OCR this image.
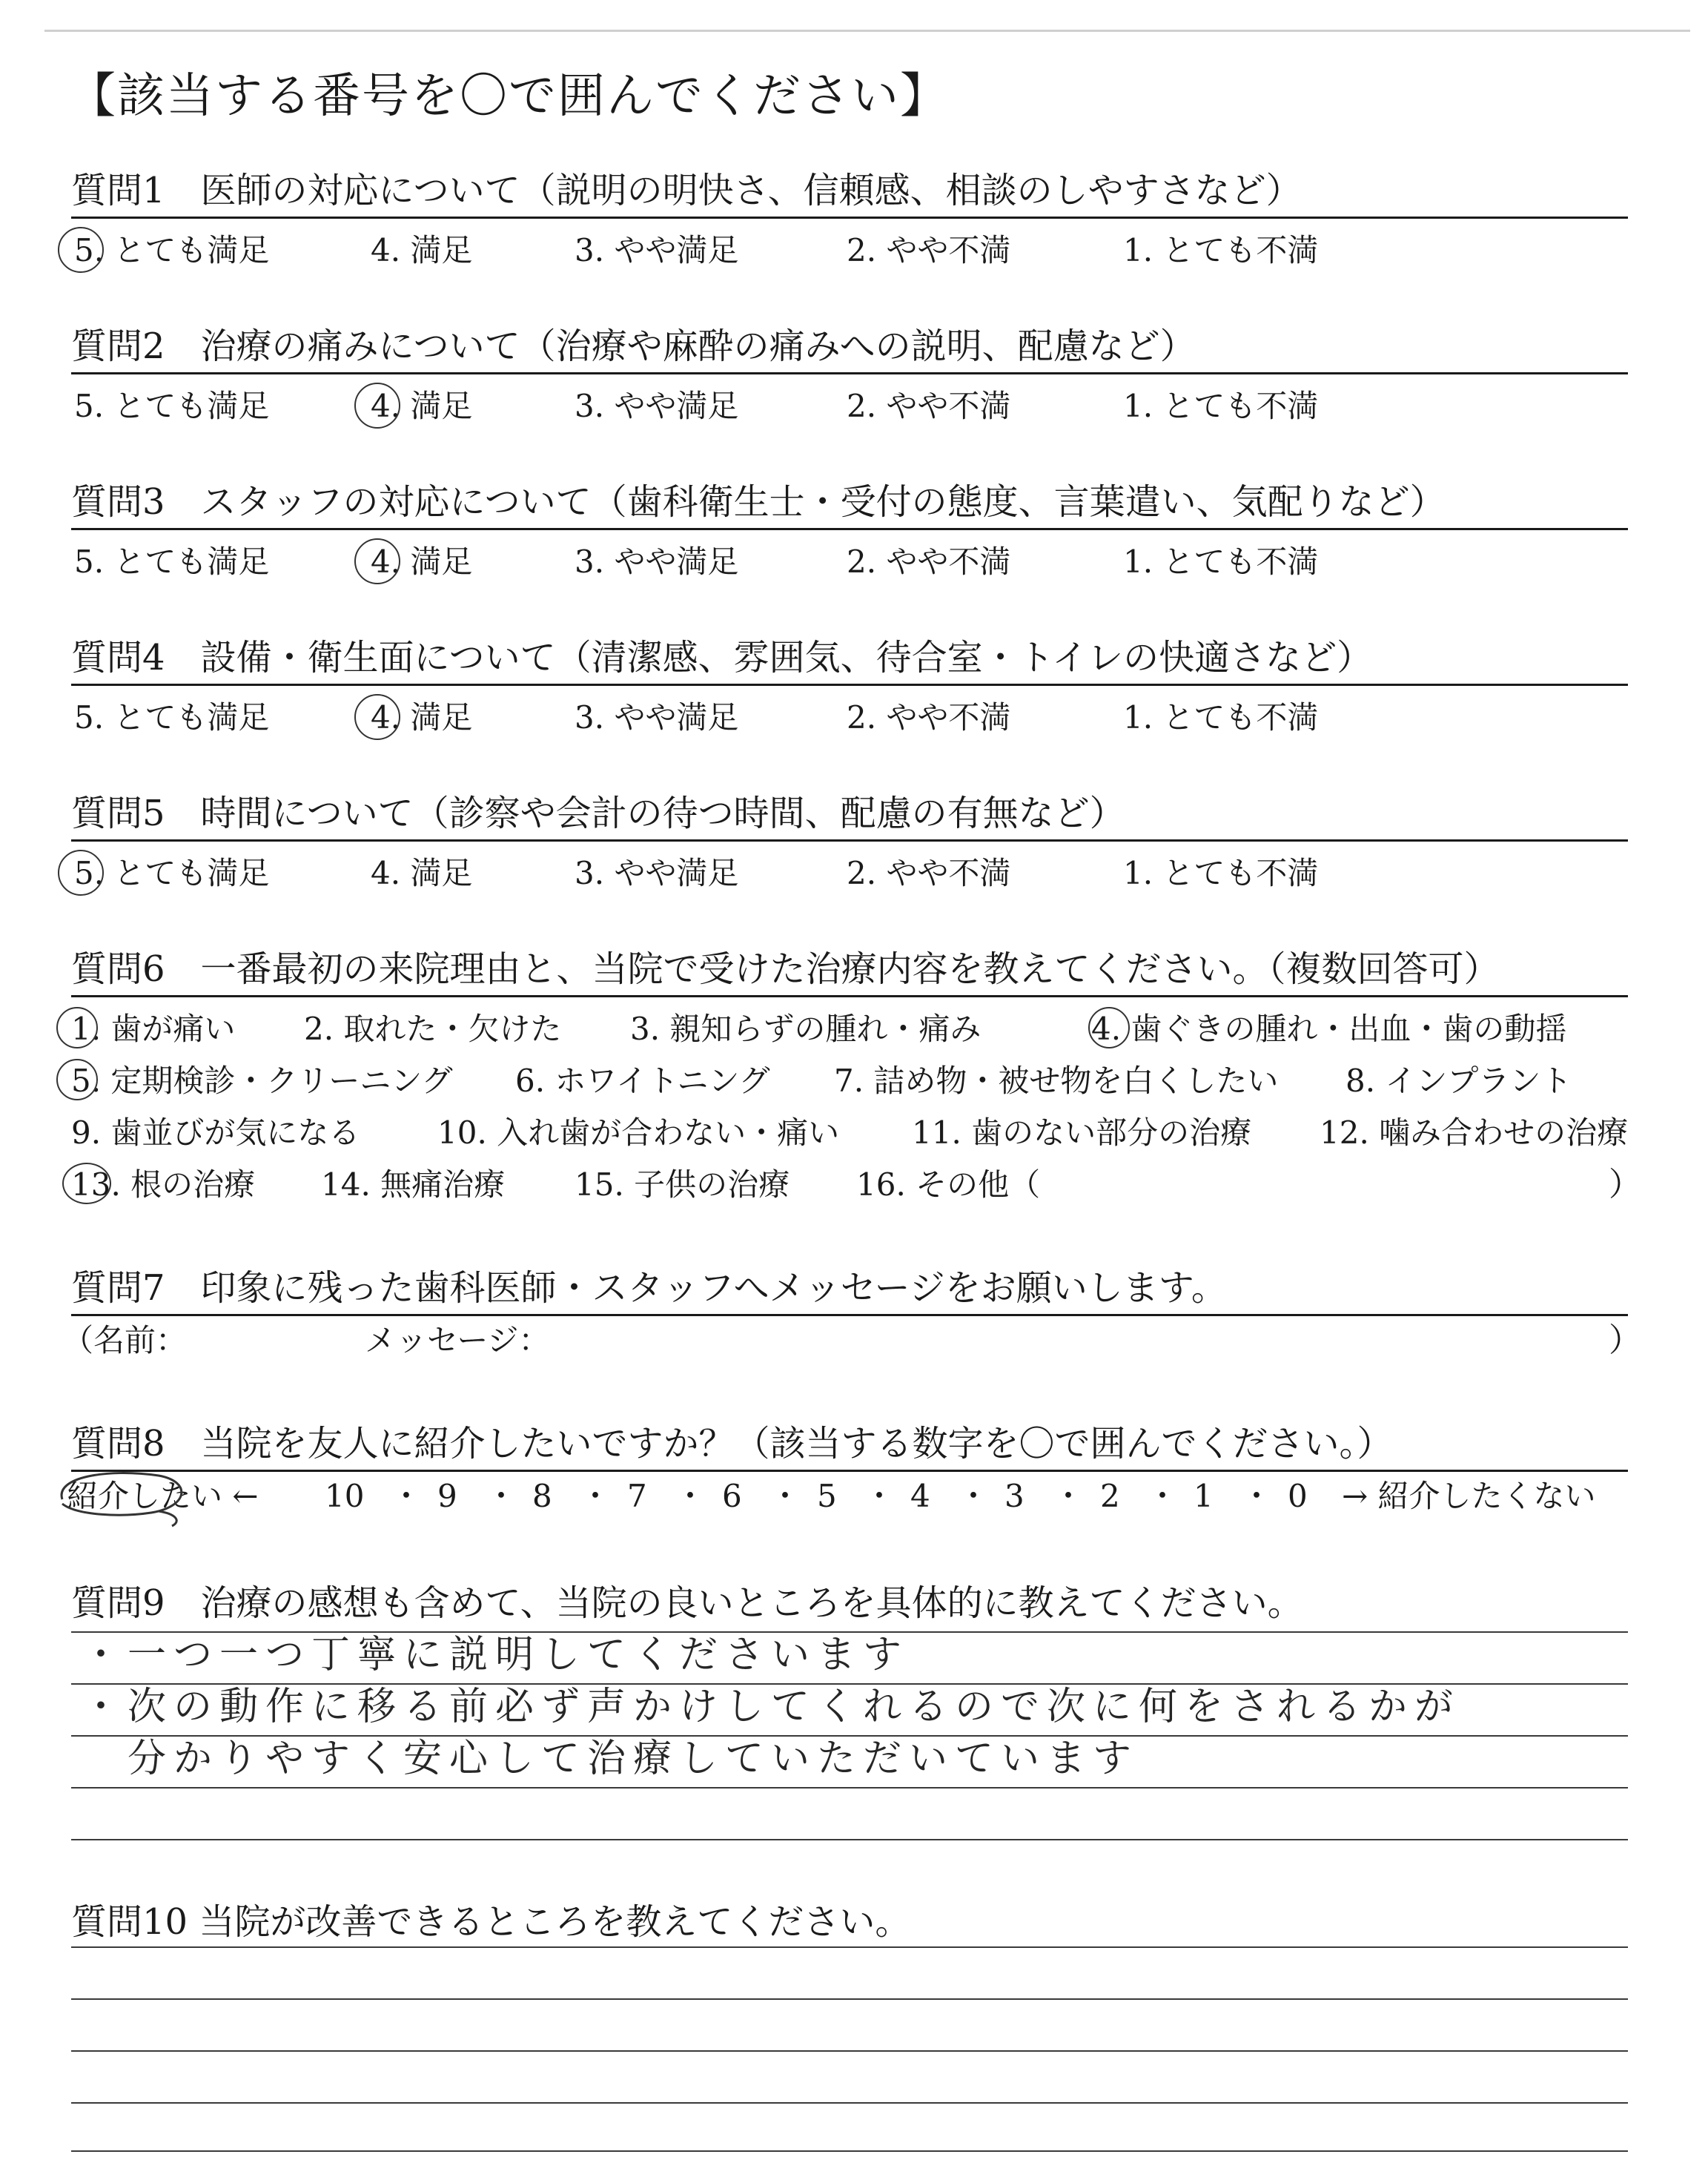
【該当する番号を〇で囲んでください】
質問1　医師の対応について（説明の明快さ、信頼感、相談のしやすさなど）
5. とても満足	4. 満足	3. やや満足	2. やや不満	1. とても不満
質問2　治療の痛みについて（治療や麻酔の痛みへの説明、配慮など）
5. とても満足	4. 満足	3. やや満足	2. やや不満	1. とても不満
質問3　スタッフの対応について（歯科衛生士・受付の態度、言葉遣い、気配りなど）
5. とても満足	4. 満足	3. やや満足	2. やや不満	1. とても不満
質問4　設備・衛生面について（清潔感、雰囲気、待合室・トイレの快適さなど）
5. とても満足	4. 満足	3. やや満足	2. やや不満	1. とても不満
質問5　時間について（診察や会計の待つ時間、配慮の有無など）
5. とても満足	4. 満足	3. やや満足	2. やや不満	1. とても不満
質問6　一番最初の来院理由と、当院で受けた治療内容を教えてください。（複数回答可）
1. 歯が痛い 2. 取れた・欠けた 3. 親知らずの腫れ・痛み	4. 歯ぐきの腫れ・出血・歯の動揺
5. 定期検診・クリーニング 6. ホワイトニング 7. 詰め物・被せ物を白くしたい 8. インプラント
9. 歯並びが気になる 10. 入れ歯が合わない・痛い 11. 歯のない部分の治療 12. 噛み合わせの治療
13. 根の治療 14. 無痛治療 15. 子供の治療 16. その他（	）
質問7　印象に残った歯科医師・スタッフへメッセージをお願いします。
（名前：	メッセージ：	）
質問8　当院を友人に紹介したいですか？（該当する数字を〇で囲んでください。）
紹介したい ← 10 ・ 9 ・ 8 ・ 7 ・ 6 ・ 5 ・ 4 ・ 3 ・ 2 ・ 1 ・ 0 → 紹介したくない
質問9　治療の感想も含めて、当院の良いところを具体的に教えてください。
・一つ一つ丁寧に説明してくださいます
・次の動作に移る前必ず声かけしてくれるので次に何をされるかが
　分かりやすく安心して治療していただいています
質問10 当院が改善できるところを教えてください。
